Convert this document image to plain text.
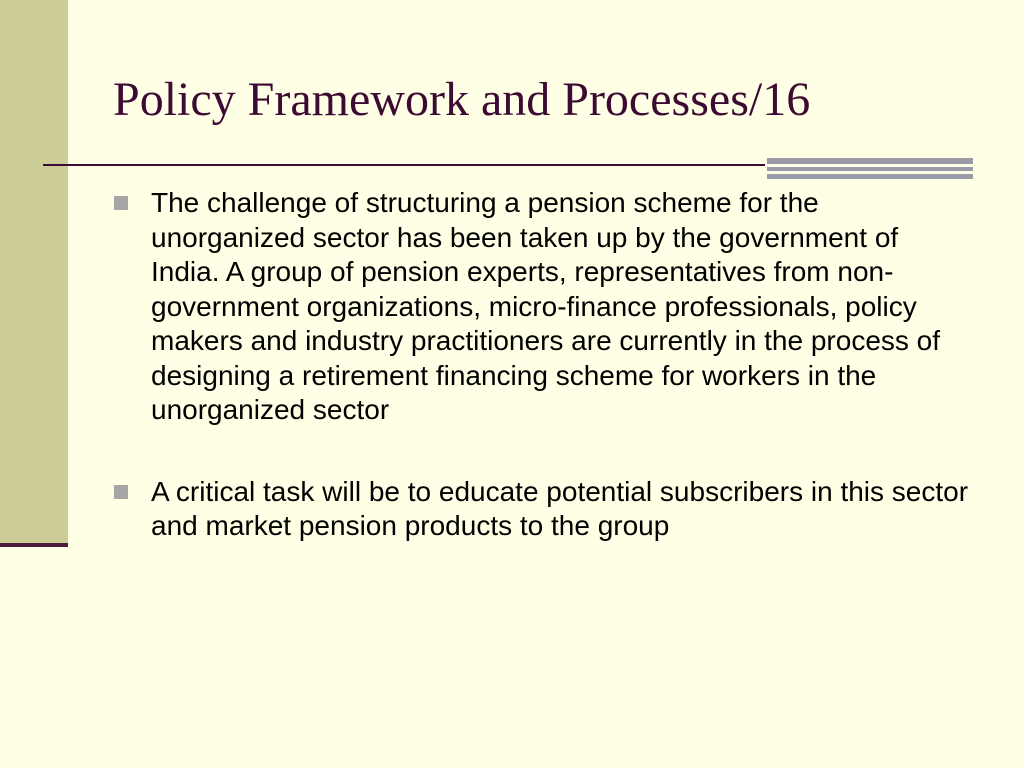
Policy Framework and Processes/16
The challenge of structuring a pension scheme for the unorganized sector has been taken up by the government of India. A group of pension experts, representatives from non-government organizations, micro-finance professionals, policy makers and industry practitioners are currently in the process of designing a retirement financing scheme for workers in the unorganized sector
A critical task will be to educate potential subscribers in this sector and market pension products to the group
